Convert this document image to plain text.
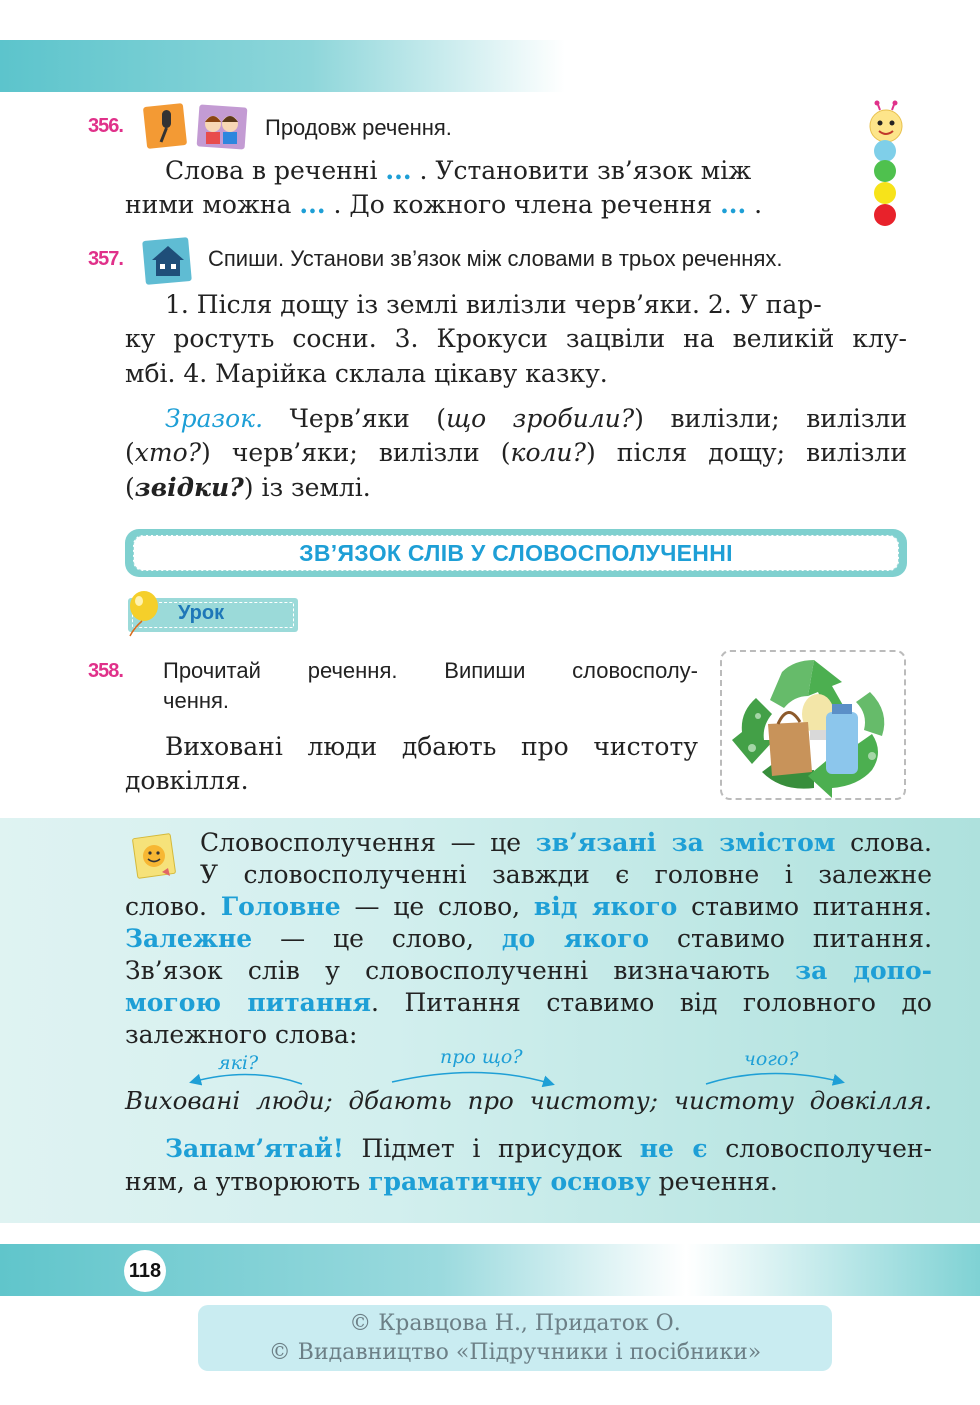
356.	Продовж речення.
Слова в реченні ... . Установити зв’язок між
ними можна ... . До кожного члена речення ... .
357.	Спиши. Установи зв’язок між словами в трьох реченнях.
1. Після дощу із землі вилізли черв’яки. 2. У пар-
ку ростуть сосни. 3. Крокуси зацвіли на великій клу-
мбі. 4. Марійка склала цікаву казку.
Зразок. Черв’яки (що зробили?) вилізли; вилізли
(хто?) черв’яки; вилізли (коли?) після дощу; вилізли
(звідки?) із землі.
ЗВ’ЯЗОК СЛІВ У СЛОВОСПОЛУЧЕННІ
Урок
358. Прочитай речення. Випиши словосполу-
чення.
Виховані люди дбають про чистоту
довкілля.
Словосполучення — це зв’язані за змістом слова.
У словосполученні завжди є головне і залежне
слово. Головне — це слово, від якого ставимо питання.
Залежне — це слово, до якого ставимо питання.
Зв’язок слів у словосполученні визначають за допо-
могою питання. Питання ставимо від головного до
залежного слова:
які?	про що?	чого?
Виховані люди; дбають про чистоту; чистоту довкілля.
Запам’ятай! Підмет і присудок не є словосполучен-
ням, а утворюють граматичну основу речення.
118
© Кравцова Н., Придаток О.
© Видавництво «Підручники і посібники»
